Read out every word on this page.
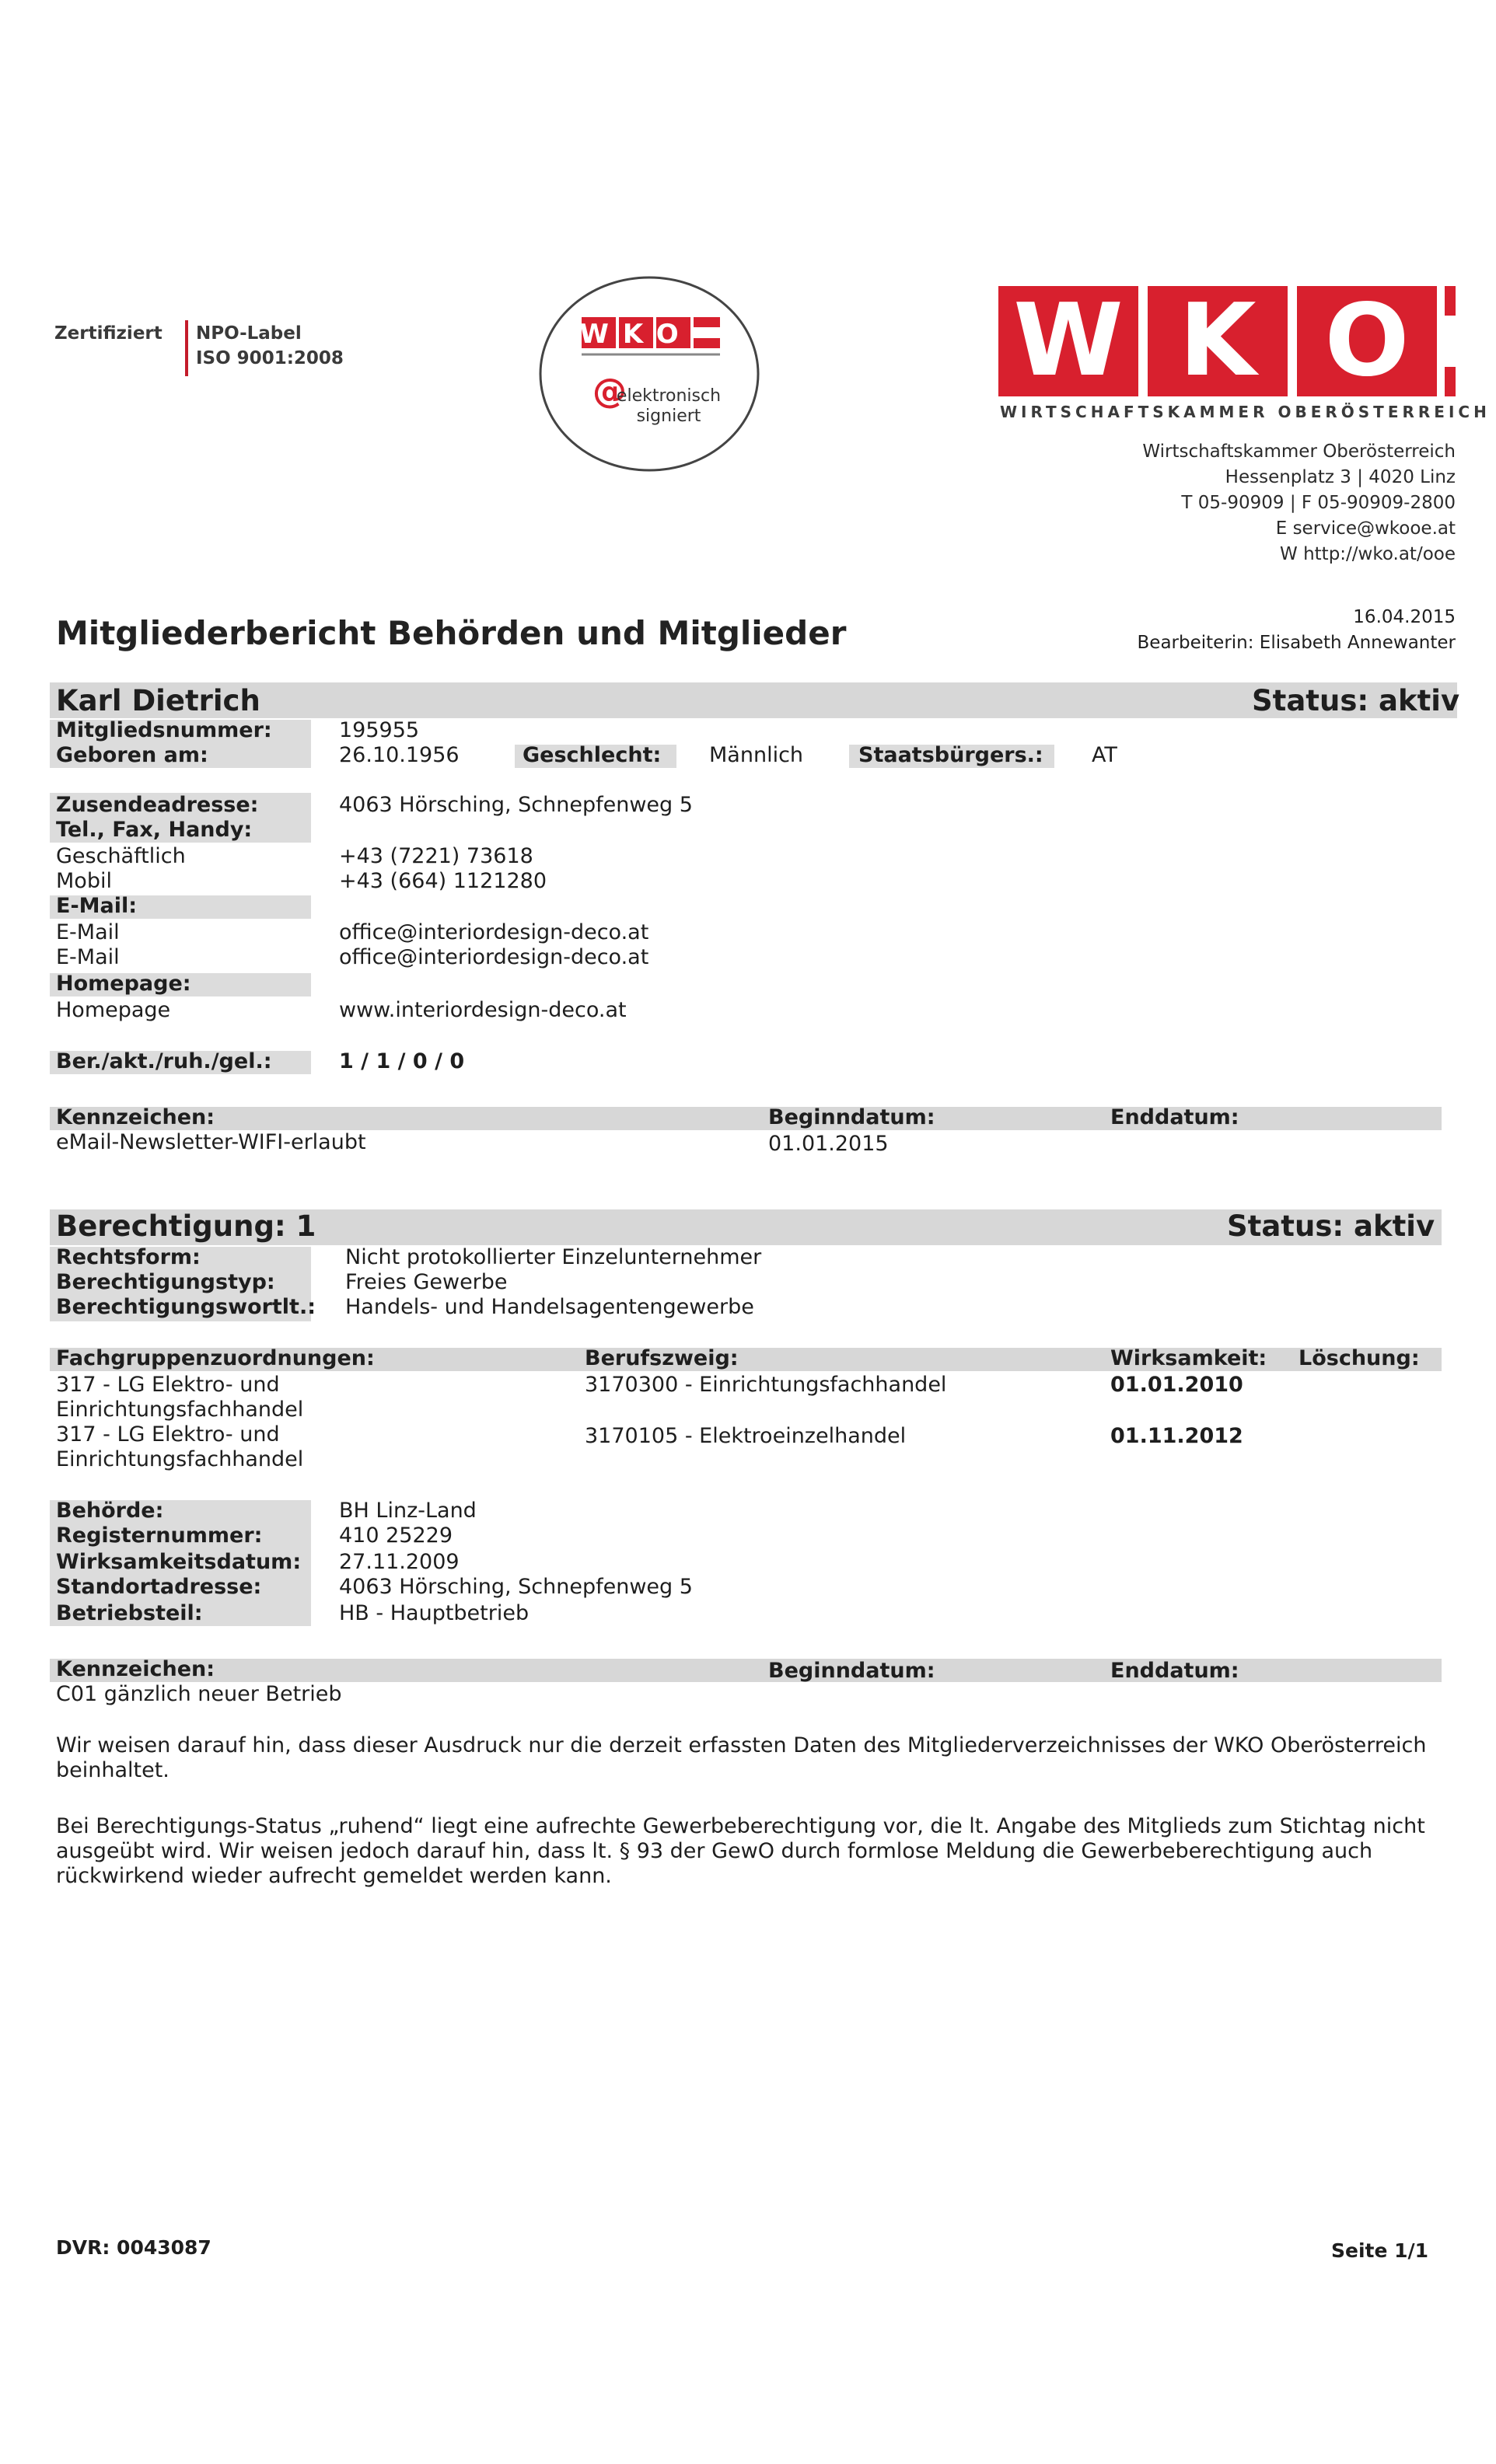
Zertifiziert NPO-Label
ISO 9001:2008
WKO
@
elektronisch
signiert
W K O
WIRTSCHAFTSKAMMER OBERÖSTERREICH
Wirtschaftskammer Oberösterreich
Hessenplatz 3 | 4020 Linz
T 05-90909 | F 05-90909-2800
E service@wkooe.at
W http://wko.at/ooe
16.04.2015
Bearbeiterin: Elisabeth Annewanter
Mitgliederbericht Behörden und Mitglieder
Karl Dietrich	Status: aktiv
Mitgliedsnummer:	195955
Geboren am:	26.10.1956	Geschlecht: Männlich	Staatsbürgers.: AT
Zusendeadresse:	4063 Hörsching, Schnepfenweg 5
Tel., Fax, Handy:
Geschäftlich	+43 (7221) 73618
Mobil	+43 (664) 1121280
E-Mail:
E-Mail	office@interiordesign-deco.at
E-Mail	office@interiordesign-deco.at
Homepage:
Homepage	www.interiordesign-deco.at
Ber./akt./ruh./gel.:	1 / 1 / 0 / 0
Kennzeichen:	Beginndatum:	Enddatum:
eMail-Newsletter-WIFI-erlaubt	01.01.2015
Berechtigung: 1	Status: aktiv
Rechtsform:	Nicht protokollierter Einzelunternehmer
Berechtigungstyp:	Freies Gewerbe
Berechtigungswortlt.: Handels- und Handelsagentengewerbe
Fachgruppenzuordnungen:	Berufszweig:	Wirksamkeit: Löschung:
317 - LG Elektro- und
Einrichtungsfachhandel
3170300 - Einrichtungsfachhandel	01.01.2010
317 - LG Elektro- und
Einrichtungsfachhandel
3170105 - Elektroeinzelhandel	01.11.2012
Behörde:	BH Linz-Land
Registernummer:	410 25229
Wirksamkeitsdatum: 27.11.2009
Standortadresse:	4063 Hörsching, Schnepfenweg 5
Betriebsteil:	HB - Hauptbetrieb
Kennzeichen:	Beginndatum:	Enddatum:
C01 gänzlich neuer Betrieb
Wir weisen darauf hin, dass dieser Ausdruck nur die derzeit erfassten Daten des Mitgliederverzeichnisses der WKO Oberösterreich beinhaltet.
Bei Berechtigungs-Status „ruhend“ liegt eine aufrechte Gewerbeberechtigung vor, die lt. Angabe des Mitglieds zum Stichtag nicht ausgeübt wird. Wir weisen jedoch darauf hin, dass lt. § 93 der GewO durch formlose Meldung die Gewerbeberechtigung auch rückwirkend wieder aufrecht gemeldet werden kann.
DVR: 0043087	Seite 1/1
